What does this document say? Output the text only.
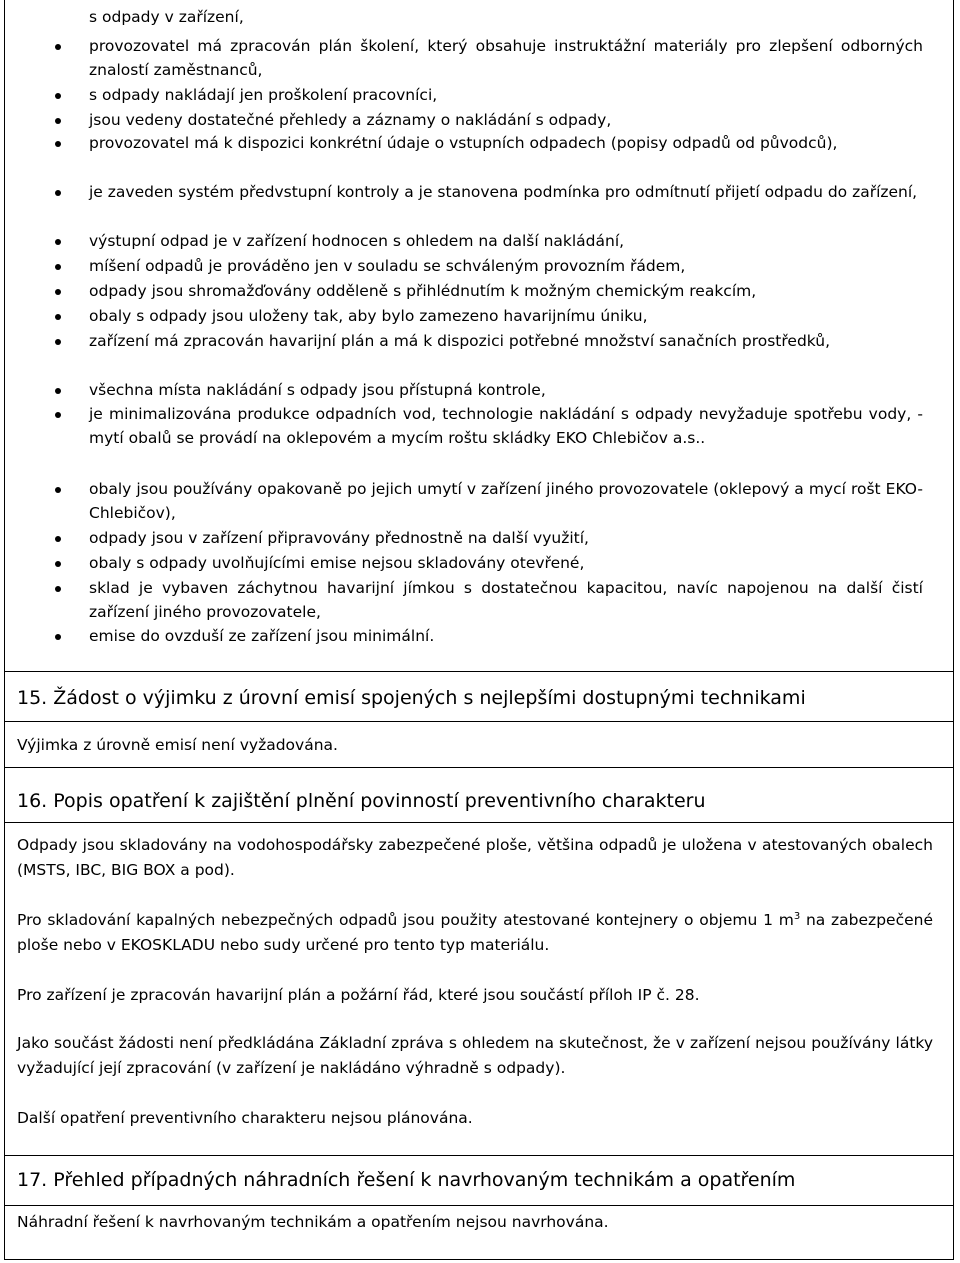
s odpady v zařízení,
provozovatel má zpracován plán školení, který obsahuje instruktážní materiály pro zlepšení odborných znalostí zaměstnanců,
s odpady nakládají jen proškolení pracovníci,
jsou vedeny dostatečné přehledy a záznamy o nakládání s odpady,
provozovatel má k dispozici konkrétní údaje o vstupních odpadech (popisy odpadů od původců),
je zaveden systém předvstupní kontroly a je stanovena podmínka pro odmítnutí přijetí odpadu do zařízení,
výstupní odpad je v zařízení hodnocen s ohledem na další nakládání,
míšení odpadů je prováděno jen v souladu se schváleným provozním řádem,
odpady jsou shromažďovány odděleně s přihlédnutím k možným chemickým reakcím,
obaly s odpady jsou uloženy tak, aby bylo zamezeno havarijnímu úniku,
zařízení má zpracován havarijní plán a má k dispozici potřebné množství sanačních prostředků,
všechna místa nakládání s odpady jsou přístupná kontrole,
je minimalizována produkce odpadních vod, technologie nakládání s odpady nevyžaduje spotřebu vody, - mytí obalů se provádí na oklepovém a mycím roštu skládky EKO Chlebičov a.s..
obaly jsou používány opakovaně po jejich umytí v zařízení jiného provozovatele (oklepový a mycí rošt EKO-Chlebičov),
odpady jsou v zařízení připravovány přednostně na další využití,
obaly s odpady uvolňujícími emise nejsou skladovány otevřené,
sklad je vybaven záchytnou havarijní jímkou s dostatečnou kapacitou, navíc napojenou na další čistí zařízení jiného provozovatele,
emise do ovzduší ze zařízení jsou minimální.
15. Žádost o výjimku z úrovní emisí spojených s nejlepšími dostupnými technikami
Výjimka z úrovně emisí není vyžadována.
16. Popis opatření k zajištění plnění povinností preventivního charakteru
Odpady jsou skladovány na vodohospodářsky zabezpečené ploše, většina odpadů je uložena v atestovaných obalech (MSTS, IBC, BIG BOX a pod).
Pro skladování kapalných nebezpečných odpadů jsou použity atestované kontejnery o objemu 1 $m^3$ na zabezpečené ploše nebo v EKOSKLADU nebo sudy určené pro tento typ materiálu.
Pro zařízení je zpracován havarijní plán a požární řád, které jsou součástí příloh IP č. 28.
Jako součást žádosti není předkládána Základní zpráva s ohledem na skutečnost, že v zařízení nejsou používány látky vyžadující její zpracování (v zařízení je nakládáno výhradně s odpady).
Další opatření preventivního charakteru nejsou plánována.
17. Přehled případných náhradních řešení k navrhovaným technikám a opatřením
Náhradní řešení k navrhovaným technikám a opatřením nejsou navrhována.
